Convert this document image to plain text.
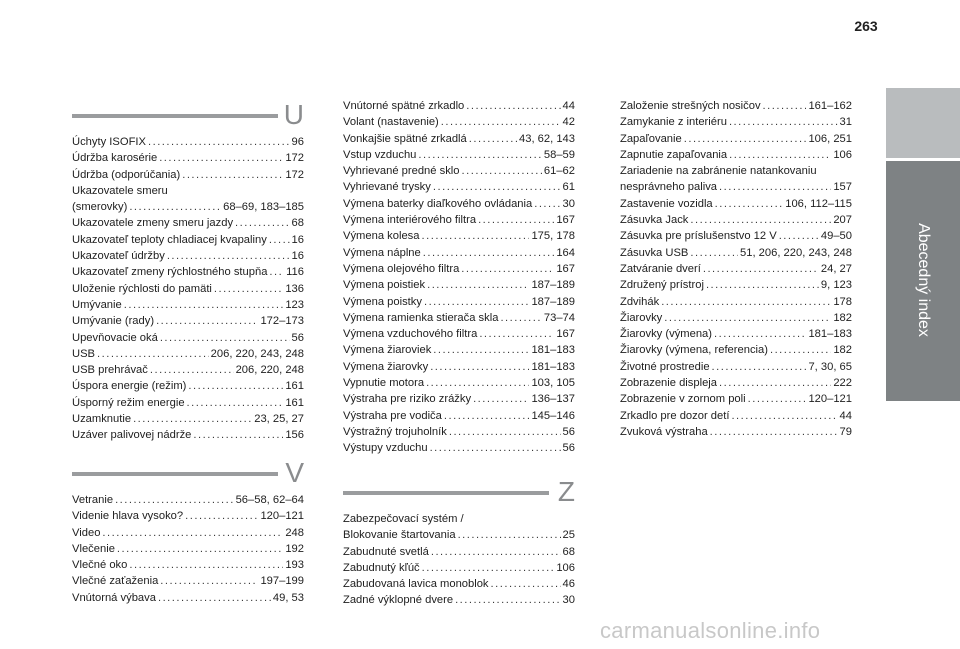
263
Abecedný index
U
Úchyty ISOFIX .....	96
Údržba karosérie .....	172
Údržba (odporúčania) .....	172
Ukazovatele smeru
(smerovky) .....	68–69, 183–185
Ukazovatele zmeny smeru jazdy .....	68
Ukazovateľ teploty chladiacej kvapaliny ..... 16
Ukazovateľ údržby .....	16
Ukazovateľ zmeny rýchlostného stupňa ..... 116
Uloženie rýchlosti do pamäti .....	136
Umývanie .....	123
Umývanie (rady) .....	172–173
Upevňovacie oká .....	56
USB .....	206, 220, 243, 248
USB prehrávač .....	206, 220, 248
Úspora energie (režim) .....	161
Úsporný režim energie .....	161
Uzamknutie .....	23, 25, 27
Uzáver palivovej nádrže .....	156
V
Vetranie .....	56–58, 62–64
Videnie hlava vysoko? .....	120–121
Video .....	248
Vlečenie .....	192
Vlečné oko .....	193
Vlečné zaťaženia .....	197–199
Vnútorná výbava .....	49, 53
Vnútorné spätné zrkadlo .....	44
Volant (nastavenie) .....	42
Vonkajšie spätné zrkadlá .....	43, 62, 143
Vstup vzduchu .....	58–59
Vyhrievané predné sklo .....	61–62
Vyhrievané trysky .....	61
Výmena baterky diaľkového ovládania .....	30
Výmena interiérového filtra .....	167
Výmena kolesa .....	175, 178
Výmena náplne .....	164
Výmena olejového filtra .....	167
Výmena poistiek .....	187–189
Výmena poistky .....	187–189
Výmena ramienka stierača skla .....	73–74
Výmena vzduchového filtra .....	167
Výmena žiaroviek .....	181–183
Výmena žiarovky .....	181–183
Vypnutie motora .....	103, 105
Výstraha pre riziko zrážky .....	136–137
Výstraha pre vodiča .....	145–146
Výstražný trojuholník .....	56
Výstupy vzduchu .....	56
Z
Zabezpečovací systém /
Blokovanie štartovania .....	25
Zabudnuté svetlá .....	68
Zabudnutý kľúč .....	106
Zabudovaná lavica monoblok .....	46
Zadné výklopné dvere .....	30
Založenie strešných nosičov .....	161–162
Zamykanie z interiéru .....	31
Zapaľovanie .....	106, 251
Zapnutie zapaľovania .....	106
Zariadenie na zabránenie natankovaniu
nesprávneho paliva .....	157
Zastavenie vozidla .....	106, 112–115
Zásuvka Jack .....	207
Zásuvka pre príslušenstvo 12 V .....	49–50
Zásuvka USB .....	51, 206, 220, 243, 248
Zatváranie dverí .....	24, 27
Združený prístroj .....	9, 123
Zdvihák .....	178
Žiarovky .....	182
Žiarovky (výmena) .....	181–183
Žiarovky (výmena, referencia) .....	182
Životné prostredie .....	7, 30, 65
Zobrazenie displeja .....	222
Zobrazenie v zornom poli .....	120–121
Zrkadlo pre dozor detí .....	44
Zvuková výstraha .....	79
carmanualsonline.info
